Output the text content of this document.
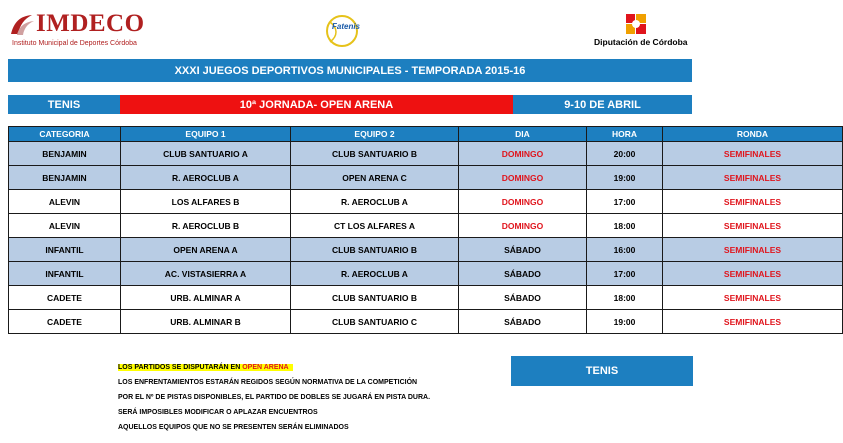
IMDECO
Instituto Municipal de Deportes Córdoba
Fatenis
Diputación de Córdoba
XXXI JUEGOS DEPORTIVOS MUNICIPALES - TEMPORADA 2015-16
TENIS	10ª JORNADA- OPEN ARENA	9-10 DE ABRIL
CATEGORIA	EQUIPO 1	EQUIPO 2	DIA	HORA	RONDA
BENJAMIN	CLUB SANTUARIO A	CLUB SANTUARIO B	DOMINGO	20:00	SEMIFINALES
BENJAMIN	R. AEROCLUB A	OPEN ARENA C	DOMINGO	19:00	SEMIFINALES
ALEVIN	LOS ALFARES B	R. AEROCLUB A	DOMINGO	17:00	SEMIFINALES
ALEVIN	R. AEROCLUB B	CT LOS ALFARES A	DOMINGO	18:00	SEMIFINALES
INFANTIL	OPEN ARENA A	CLUB SANTUARIO B	SÁBADO	16:00	SEMIFINALES
INFANTIL	AC. VISTASIERRA A	R. AEROCLUB A	SÁBADO	17:00	SEMIFINALES
CADETE	URB. ALMINAR A	CLUB SANTUARIO B	SÁBADO	18:00	SEMIFINALES
CADETE	URB. ALMINAR B	CLUB SANTUARIO C	SÁBADO	19:00	SEMIFINALES
LOS PARTIDOS SE DISPUTARÁN EN OPEN ARENA
LOS ENFRENTAMIENTOS ESTARÁN REGIDOS SEGÚN NORMATIVA DE LA COMPETICIÓN
POR EL Nº DE PISTAS DISPONIBLES, EL PARTIDO DE DOBLES SE JUGARÁ EN PISTA DURA.
SERÁ IMPOSIBLES MODIFICAR O APLAZAR ENCUENTROS
AQUELLOS EQUIPOS QUE NO SE PRESENTEN SERÁN ELIMINADOS
TENIS
